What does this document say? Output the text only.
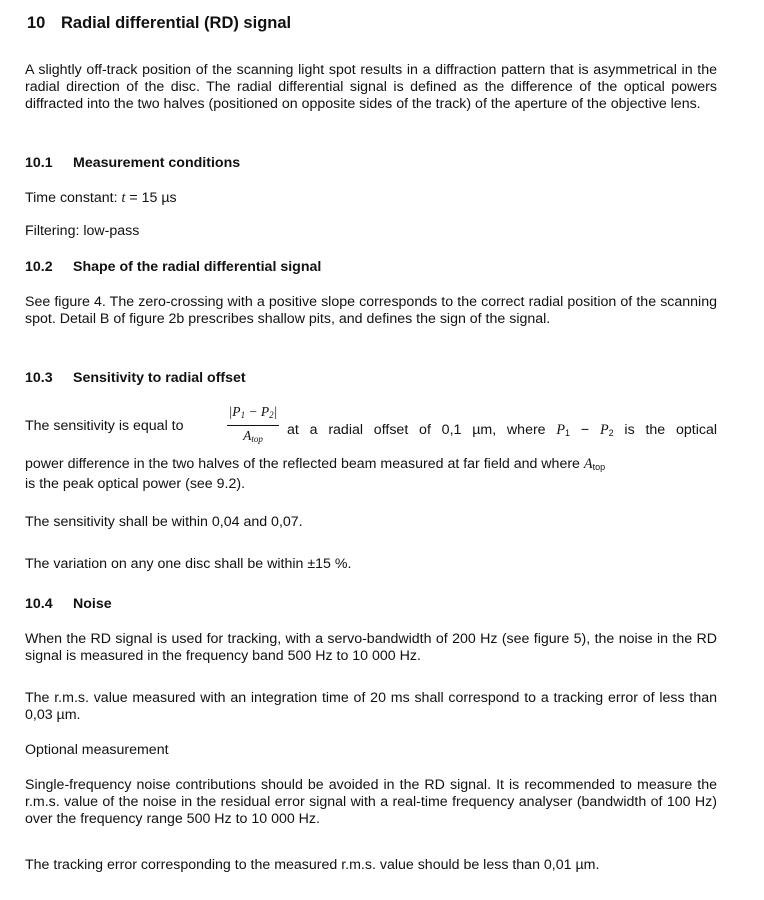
10 Radial differential (RD) signal

A slightly off-track position of the scanning light spot results in a diffraction pattern that is asymmetrical in the radial direction of the disc. The radial differential signal is defined as the difference of the optical powers diffracted into the two halves (positioned on opposite sides of the track) of the aperture of the objective lens.

10.1 Measurement conditions
Time constant: t = 15 µs
Filtering: low-pass
10.2 Shape of the radial differential signal

See figure 4. The zero-crossing with a positive slope corresponds to the correct radial position of the scanning spot. Detail B of figure 2b prescribes shallow pits, and defines the sign of the signal.

10.3 Sensitivity to radial offset
The sensitivity is equal to
$|P_1 - P_2|$
$A_{top}$
at a radial offset of 0,1 µm, where $P_1 - P_2$ is the optical

power difference in the two halves of the reflected beam measured at far field and where $A_{top}$
is the peak optical power (see 9.2).

The sensitivity shall be within 0,04 and 0,07.
The variation on any one disc shall be within ±15 %.
10.4 Noise

When the RD signal is used for tracking, with a servo-bandwidth of 200 Hz (see figure 5), the noise in the RD signal is measured in the frequency band 500 Hz to 10 000 Hz.

The r.m.s. value measured with an integration time of 20 ms shall correspond to a tracking error of less than 0,03 µm.

Optional measurement

Single-frequency noise contributions should be avoided in the RD signal. It is recommended to measure the r.m.s. value of the noise in the residual error signal with a real-time frequency analyser (bandwidth of 100 Hz) over the frequency range 500 Hz to 10 000 Hz.

The tracking error corresponding to the measured r.m.s. value should be less than 0,01 µm.
